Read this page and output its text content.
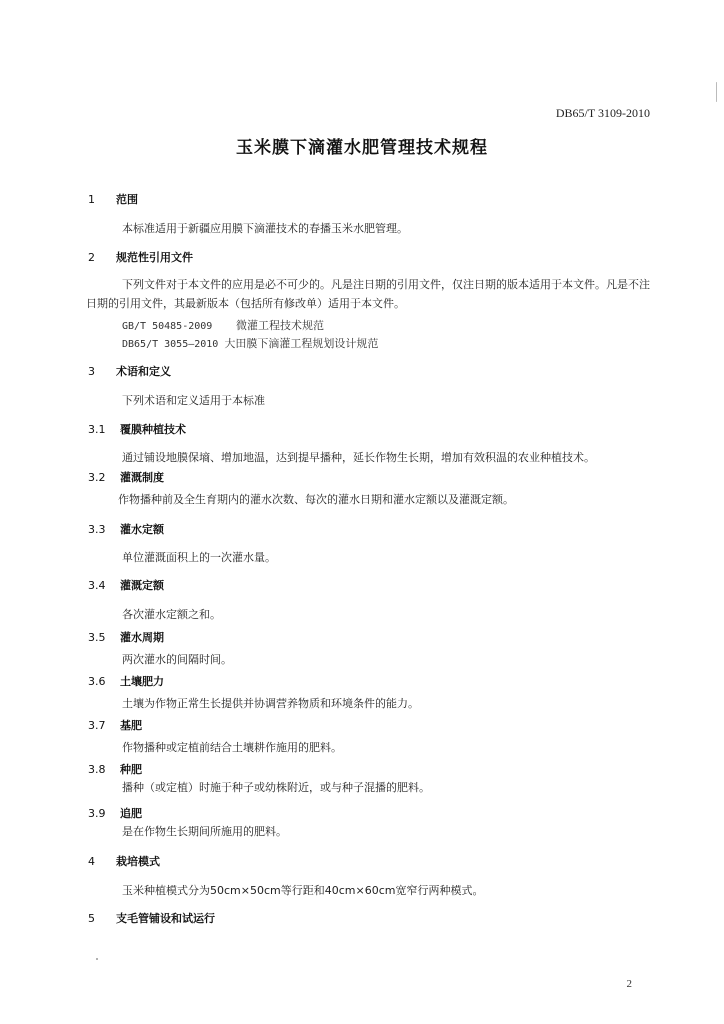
DB65/T 3109-2010
玉米膜下滴灌水肥管理技术规程
1 范围
本标准适用于新疆应用膜下滴灌技术的春播玉米水肥管理。
2 规范性引用文件
下列文件对于本文件的应用是必不可少的。凡是注日期的引用文件，仅注日期的版本适用于本文件。凡是不注日期的引用文件，其最新版本（包括所有修改单）适用于本文件。
GB/T 50485-2009 微灌工程技术规范
DB65/T 3055—2010 大田膜下滴灌工程规划设计规范
3 术语和定义
下列术语和定义适用于本标准
3.1 覆膜种植技术
通过铺设地膜保墒、增加地温，达到提早播种，延长作物生长期，增加有效积温的农业种植技术。
3.2 灌溉制度
作物播种前及全生育期内的灌水次数、每次的灌水日期和灌水定额以及灌溉定额。
3.3 灌水定额
单位灌溉面积上的一次灌水量。
3.4 灌溉定额
各次灌水定额之和。
3.5 灌水周期
两次灌水的间隔时间。
3.6 土壤肥力
土壤为作物正常生长提供并协调营养物质和环境条件的能力。
3.7 基肥
作物播种或定植前结合土壤耕作施用的肥料。
3.8 种肥
播种（或定植）时施于种子或幼株附近，或与种子混播的肥料。
3.9 追肥
是在作物生长期间所施用的肥料。
4 栽培模式
玉米种植模式分为50cm×50cm等行距和40cm×60cm宽窄行两种模式。
5 支毛管铺设和试运行
2
